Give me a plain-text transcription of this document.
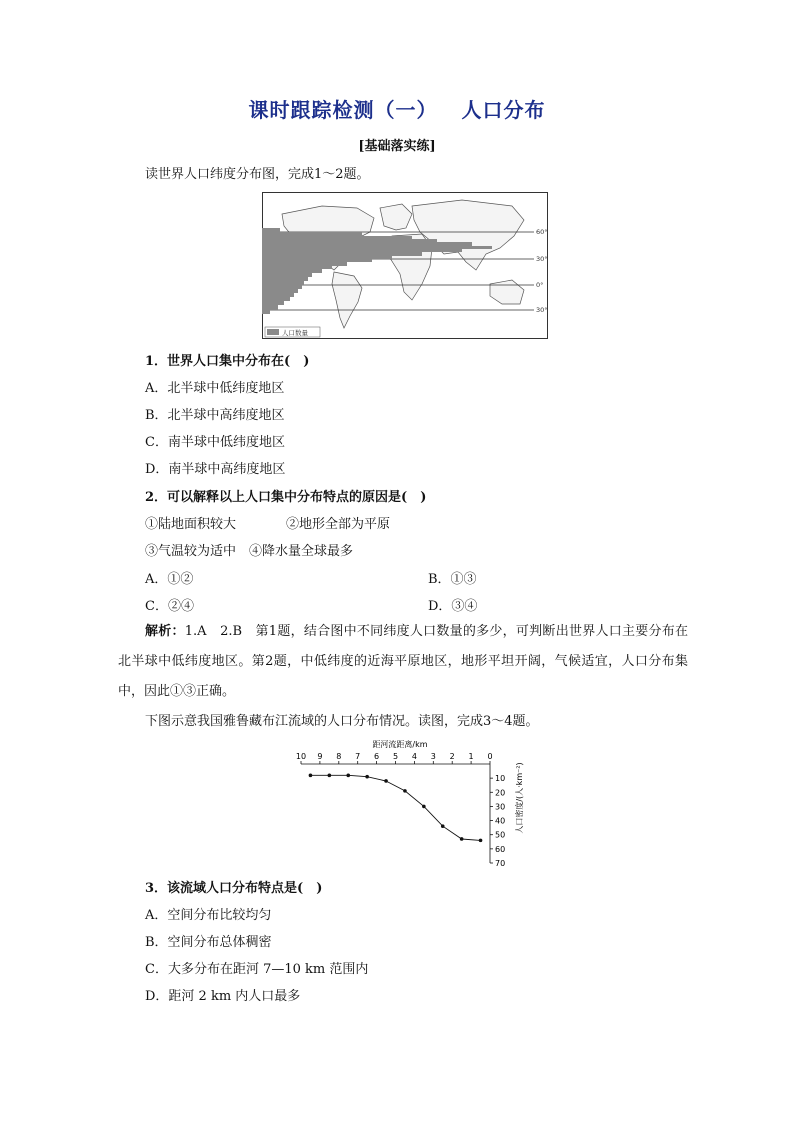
课时跟踪检测（一） 人口分布
[基础落实练]
读世界人口纬度分布图，完成1～2题。
60°
30°
0°
30°
人口数量
1．世界人口集中分布在(　)
A．北半球中低纬度地区
B．北半球中高纬度地区
C．南半球中低纬度地区
D．南半球中高纬度地区
2．可以解释以上人口集中分布特点的原因是(　)
①陆地面积较大	②地形全部为平原
③气温较为适中　④降水量全球最多
A．①②	B．①③
C．②④	D．③④
解析：1.A　2.B　第1题，结合图中不同纬度人口数量的多少，可判断出世界人口主要分布在北半球中低纬度地区。第2题，中低纬度的近海平原地区，地形平坦开阔，气候适宜，人口分布集中，因此①③正确。
下图示意我国雅鲁藏布江流域的人口分布情况。读图，完成3～4题。
距河流距离/km
10 9 8 7 6 5 4 3 2 1 0
10
20
30
40
50
60
70
人口密度/(人·km⁻²)
3．该流域人口分布特点是(　)
A．空间分布比较均匀
B．空间分布总体稠密
C．大多分布在距河 7—10 km 范围内
D．距河 2 km 内人口最多
